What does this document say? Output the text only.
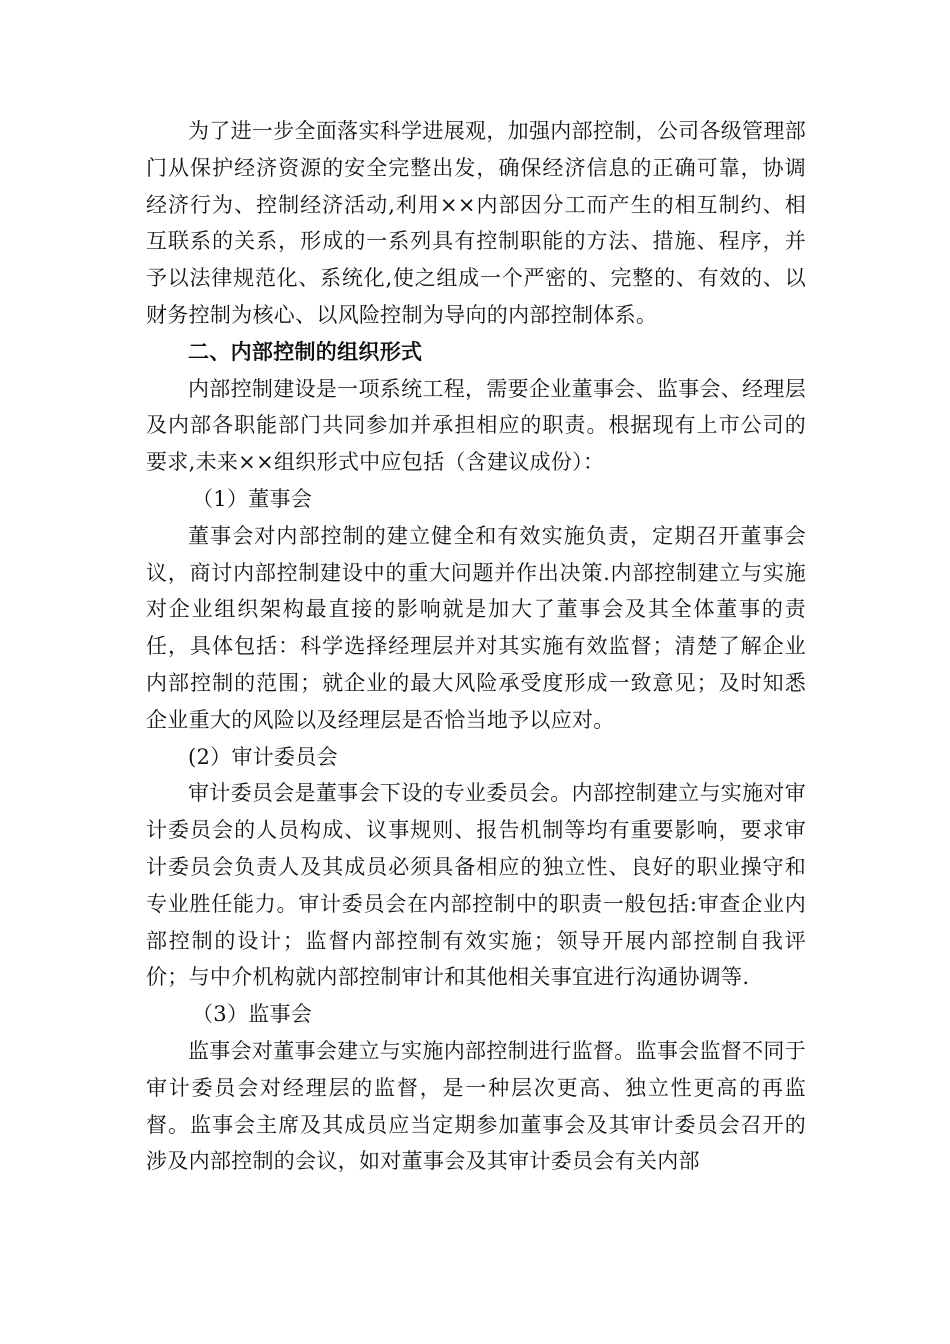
为了进一步全面落实科学进展观，加强内部控制，公司各级管理部门从保护经济资源的安全完整出发，确保经济信息的正确可靠，协调经济行为、控制经济活动,利用××内部因分工而产生的相互制约、相互联系的关系，形成的一系列具有控制职能的方法、措施、程序，并予以法律规范化、系统化,使之组成一个严密的、完整的、有效的、以财务控制为核心、以风险控制为导向的内部控制体系。

二、内部控制的组织形式

内部控制建设是一项系统工程，需要企业董事会、监事会、经理层及内部各职能部门共同参加并承担相应的职责。根据现有上市公司的要求,未来××组织形式中应包括（含建议成份）：

（1）董事会

董事会对内部控制的建立健全和有效实施负责，定期召开董事会议，商讨内部控制建设中的重大问题并作出决策.内部控制建立与实施对企业组织架构最直接的影响就是加大了董事会及其全体董事的责任，具体包括：科学选择经理层并对其实施有效监督；清楚了解企业内部控制的范围；就企业的最大风险承受度形成一致意见；及时知悉企业重大的风险以及经理层是否恰当地予以应对。

(2）审计委员会

审计委员会是董事会下设的专业委员会。内部控制建立与实施对审计委员会的人员构成、议事规则、报告机制等均有重要影响，要求审计委员会负责人及其成员必须具备相应的独立性、良好的职业操守和专业胜任能力。审计委员会在内部控制中的职责一般包括:审查企业内部控制的设计；监督内部控制有效实施；领导开展内部控制自我评价；与中介机构就内部控制审计和其他相关事宜进行沟通协调等.

（3）监事会

监事会对董事会建立与实施内部控制进行监督。监事会监督不同于审计委员会对经理层的监督，是一种层次更高、独立性更高的再监督。监事会主席及其成员应当定期参加董事会及其审计委员会召开的涉及内部控制的会议，如对董事会及其审计委员会有关内部
